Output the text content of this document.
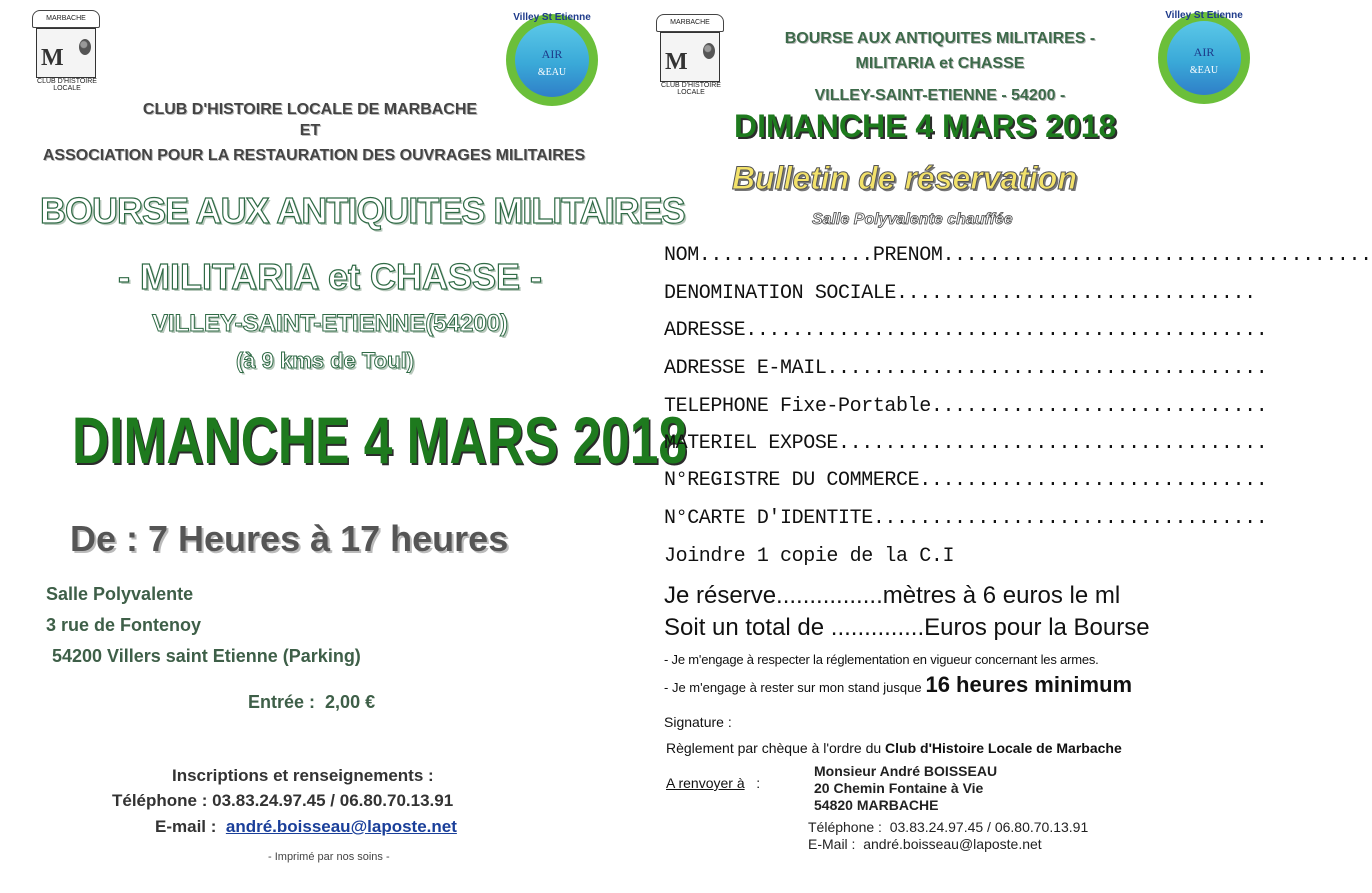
MARBACHE
M
CLUB D'HISTOIRE LOCALE
Villey St Etienne
AIR
&EAU
CLUB D'HISTOIRE LOCALE DE MARBACHE
ET
ASSOCIATION POUR LA RESTAURATION DES OUVRAGES MILITAIRES
BOURSE AUX ANTIQUITES MILITAIRES
- MILITARIA et CHASSE -
VILLEY-SAINT-ETIENNE(54200)
(à 9 kms de Toul)
DIMANCHE 4 MARS 2018
De : 7 Heures à 17 heures
Salle Polyvalente
3 rue de Fontenoy
54200 Villers saint Etienne (Parking)
Entrée : 2,00 €
Inscriptions et renseignements :
Téléphone : 03.83.24.97.45 / 06.80.70.13.91
E-mail : andré.boisseau@laposte.net
- Imprimé par nos soins -
MARBACHE
M
CLUB D'HISTOIRE LOCALE
Villey St Etienne
AIR
&EAU
BOURSE AUX ANTIQUITES MILITAIRES -
MILITARIA et CHASSE
VILLEY-SAINT-ETIENNE - 54200 -
DIMANCHE 4 MARS 2018
Bulletin de réservation
Salle Polyvalente chauffée
NOM...............PRENOM.....................................
DENOMINATION SOCIALE...............................
ADRESSE.............................................
ADRESSE E-MAIL......................................
TELEPHONE Fixe-Portable.............................
MATERIEL EXPOSE.....................................
N°REGISTRE DU COMMERCE..............................
N°CARTE D'IDENTITE..................................
Joindre 1 copie de la C.I
Je réserve................mètres à 6 euros le ml
Soit un total de ..............Euros pour la Bourse
- Je m'engage à respecter la réglementation en vigueur concernant les armes.
- Je m'engage à rester sur mon stand jusque 16 heures minimum
Signature :
Règlement par chèque à l'ordre du Club d'Histoire Locale de Marbache
A renvoyer à :
Monsieur André BOISSEAU
20 Chemin Fontaine à Vie
54820 MARBACHE
Téléphone : 03.83.24.97.45 / 06.80.70.13.91
E-Mail : andré.boisseau@laposte.net
